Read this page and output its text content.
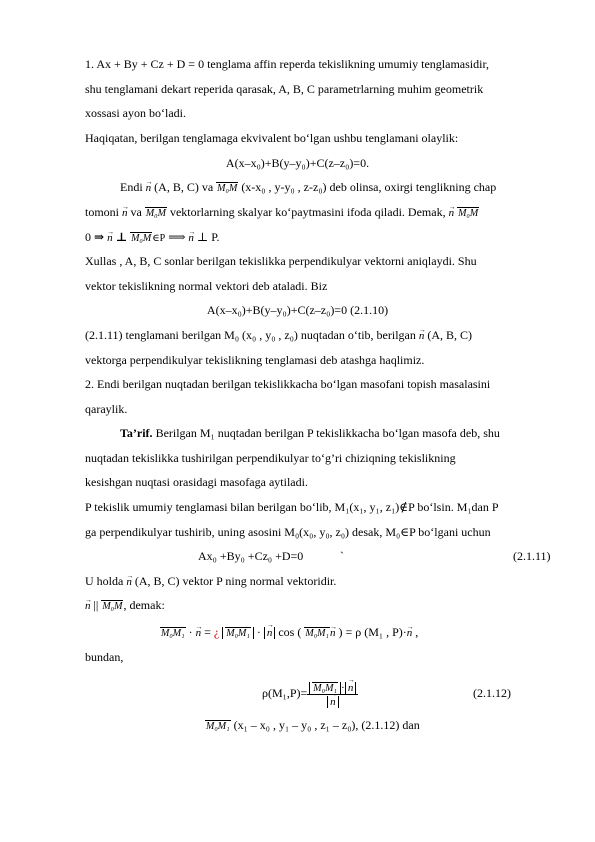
1. Ax + By + Cz + D = 0 tenglama affin reperda tekislikning umumiy tenglamasidir,
shu tenglamani dekart reperida qarasak, A, B, C parametrlarning muhim geometrik
xossasi ayon bo‘ladi.
Haqiqatan, berilgan tenglamaga ekvivalent bo‘lgan ushbu tenglamani olaylik:
A(x–x₀)+B(y–y₀)+C(z–z₀)=0.
Endi → n (A, B, C) va M₀M (x-x₀ , y-y₀ , z-z₀) deb olinsa, oxirgi tenglikning chap
tomoni → n va M₀M vektorlarning skalyar ko‘paytmasini ifoda qiladi. Demak, → n M₀M
0 ⇒ → n ⊥ M₀M∈P ⟹ → n ⊥ P.
Xullas , A, B, C sonlar berilgan tekislikka perpendikulyar vektorni aniqlaydi. Shu
vektor tekislikning normal vektori deb ataladi. Biz
A(x–x₀)+B(y–y₀)+C(z–z₀)=0 (2.1.10)
(2.1.11) tenglamani berilgan M₀ (x₀ , y₀ , z₀) nuqtadan o‘tib, berilgan → n (A, B, C)
vektorga perpendikulyar tekislikning tenglamasi deb atashga haqlimiz.
2. Endi berilgan nuqtadan berilgan tekislikkacha bo‘lgan masofani topish masalasini
qaraylik.
Ta’rif. Berilgan M₁ nuqtadan berilgan P tekislikkacha bo‘lgan masofa deb, shu
nuqtadan tekislikka tushirilgan perpendikulyar to‘g’ri chiziqning tekislikning
kesishgan nuqtasi orasidagi masofaga aytiladi.
P tekislik umumiy tenglamasi bilan berilgan bo‘lib, M₁(x₁, y₁, z₁)∉P bo‘lsin. M₁dan P
ga perpendikulyar tushirib, uning asosini M₀(x₀, y₀, z₀) desak, M₀∈P bo‘lgani uchun
Ax₀ +By₀ +Cz₀ +D=0	`	(2.1.11)
U holda → n (A, B, C) vektor P ning normal vektoridir.
→ n || M₀M, demak:
M₀M₁ · → n = ¿ M₀M₁ · → n cos ( M₀M₁→ n ) = ρ (M₁ , P)·→ n ,
bundan,
ρ(M₁,P)= M₀M₁ · → n
→ n	(2.1.12)
M₀M₁ (x₁ – x₀ , y₁ – y₀ , z₁ – z₀), (2.1.12) dan
